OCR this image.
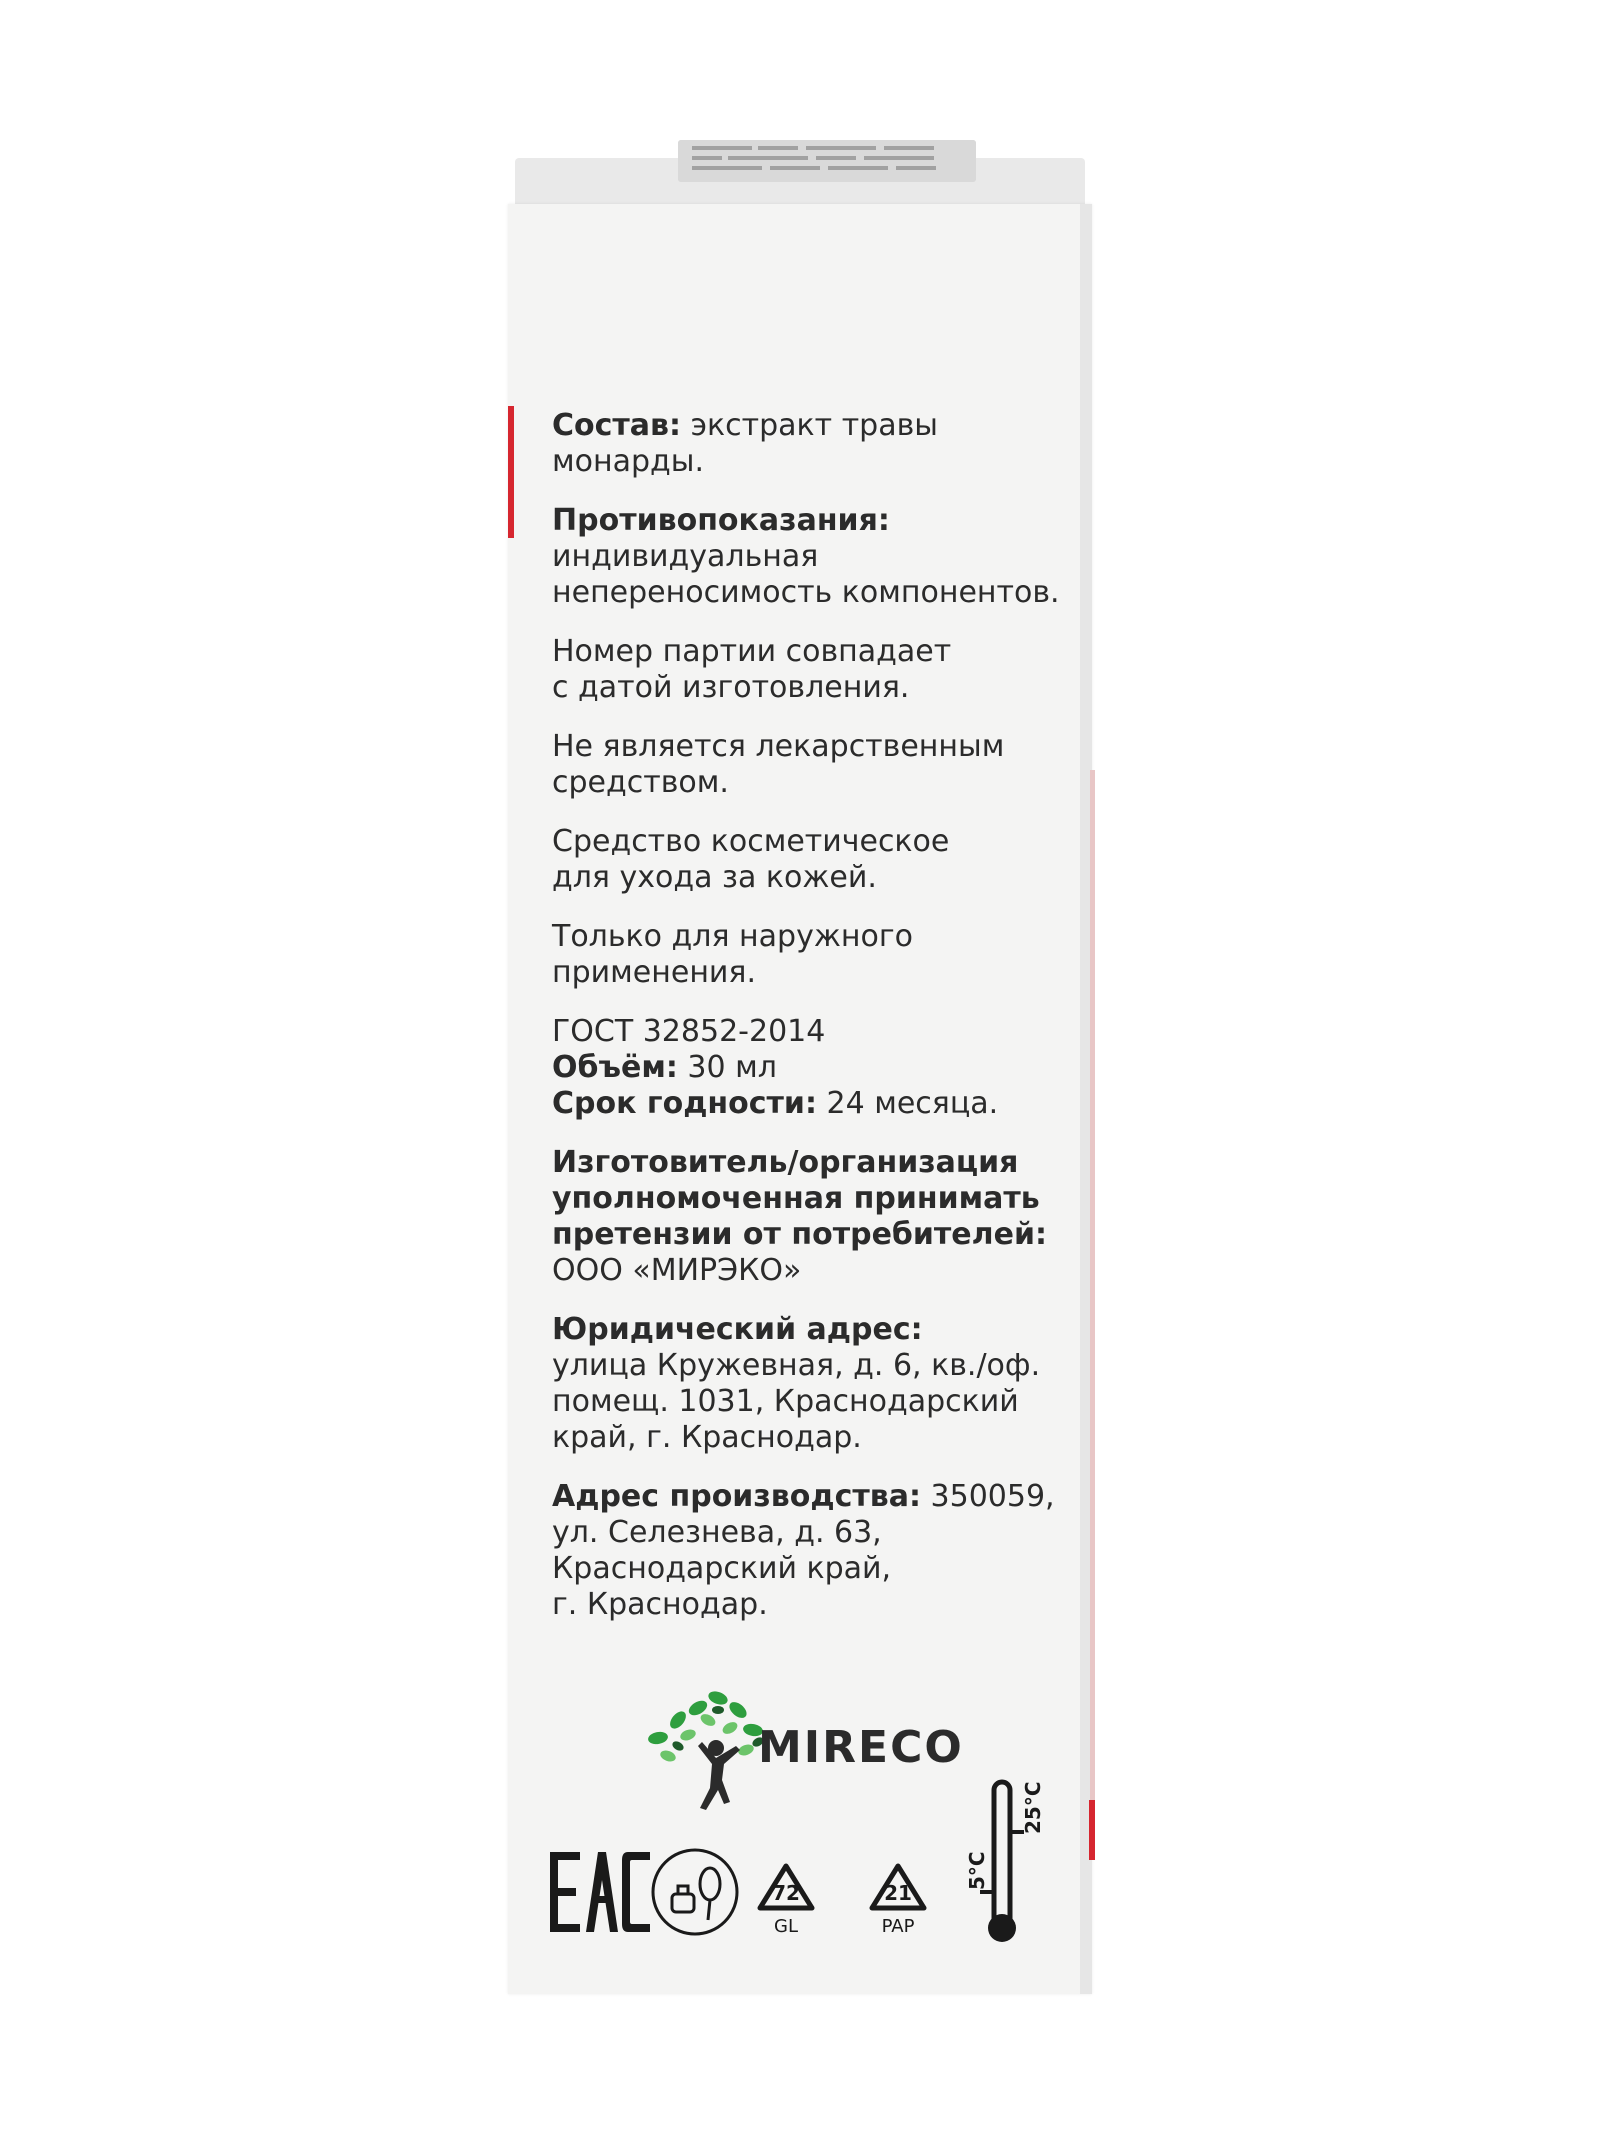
Состав: экстракт травы монарды.

Противопоказания:
индивидуальная
непереносимость компонентов.

Номер партии совпадает
с датой изготовления.

Не является лекарственным
средством.

Средство косметическое
для ухода за кожей.

Только для наружного
применения.

ГОСТ 32852-2014
Объём: 30 мл
Срок годности: 24 месяца.

Изготовитель/организация
уполномоченная принимать
претензии от потребителей:
ООО «МИРЭКО»

Юридический адрес:
улица Кружевная, д. 6, кв./оф.
помещ. 1031, Краснодарский
край, г. Краснодар.

Адрес производства: 350059,
ул. Селезнева, д. 63,
Краснодарский край,
г. Краснодар.

MIRECO
72
GL
21
PAP
5°C
25°C
